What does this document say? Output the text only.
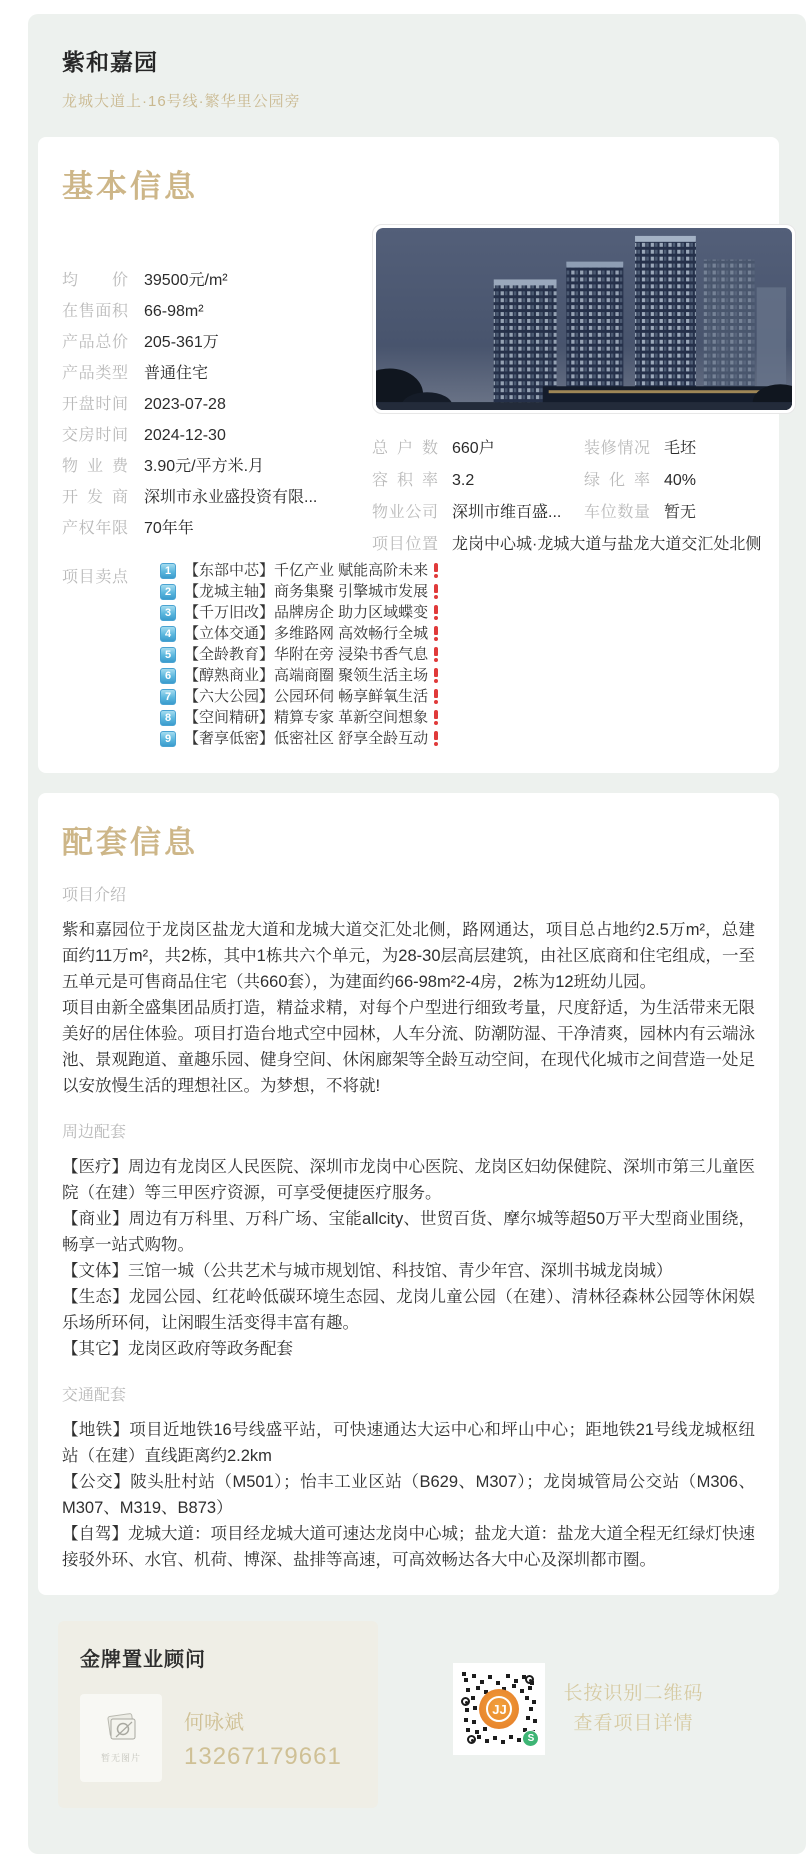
紫和嘉园
龙城大道上·16号线·繁华里公园旁
基本信息
均价 39500元/m²
在售面积 66-98m²
产品总价 205-361万
产品类型 普通住宅
开盘时间 2023-07-28
交房时间 2024-12-30
物业费 3.90元/平方米.月
开发商 深圳市永业盛投资有限...
产权年限 70年年
总户数 660户	装修情况 毛坯
容积率 3.2	绿化率 40%
物业公司 深圳市维百盛... 车位数量 暂无
项目位置 龙岗中心城·龙城大道与盐龙大道交汇处北侧
项目卖点	1 【东部中芯】千亿产业 赋能高阶未来
2 【龙城主轴】商务集聚 引擎城市发展
3 【千万旧改】品牌房企 助力区域蝶变
4 【立体交通】多维路网 高效畅行全城
5 【全龄教育】华附在旁 浸染书香气息
6 【醇熟商业】高端商圈 聚领生活主场
7 【六大公园】公园环伺 畅享鲜氧生活
8 【空间精研】精算专家 革新空间想象
9 【奢享低密】低密社区 舒享全龄互动
配套信息
项目介绍

紫和嘉园位于龙岗区盐龙大道和龙城大道交汇处北侧，路网通达，项目总占地约2.5万m²，总建面约11万m²，共2栋，其中1栋共六个单元，为28-30层高层建筑，由社区底商和住宅组成，一至五单元是可售商品住宅（共660套），为建面约66-98m²2-4房，2栋为12班幼儿园。

项目由新全盛集团品质打造，精益求精，对每个户型进行细致考量，尺度舒适，为生活带来无限美好的居住体验。项目打造台地式空中园林，人车分流、防潮防湿、干净清爽，园林内有云端泳池、景观跑道、童趣乐园、健身空间、休闲廊架等全龄互动空间，在现代化城市之间营造一处足以安放慢生活的理想社区。为梦想，不将就!

周边配套

【医疗】周边有龙岗区人民医院、深圳市龙岗中心医院、龙岗区妇幼保健院、深圳市第三儿童医院（在建）等三甲医疗资源，可享受便捷医疗服务。

【商业】周边有万科里、万科广场、宝能allcity、世贸百货、摩尔城等超50万平大型商业围绕，畅享一站式购物。

【文体】三馆一城（公共艺术与城市规划馆、科技馆、青少年宫、深圳书城龙岗城）

【生态】龙园公园、红花岭低碳环境生态园、龙岗儿童公园（在建）、清林径森林公园等休闲娱乐场所环伺，让闲暇生活变得丰富有趣。

【其它】龙岗区政府等政务配套

交通配套

【地铁】项目近地铁16号线盛平站，可快速通达大运中心和坪山中心；距地铁21号线龙城枢纽站（在建）直线距离约2.2km

【公交】陂头肚村站（M501）；怡丰工业区站（B629、M307）；龙岗城管局公交站（M306、M307、M319、B873）

【自驾】龙城大道：项目经龙城大道可速达龙岗中心城；盐龙大道：盐龙大道全程无红绿灯快速接驳外环、水官、机荷、博深、盐排等高速，可高效畅达各大中心及深圳都市圈。

金牌置业顾问
暂无图片
何咏斌
13267179661
JJ
S
长按识别二维码
查看项目详情
